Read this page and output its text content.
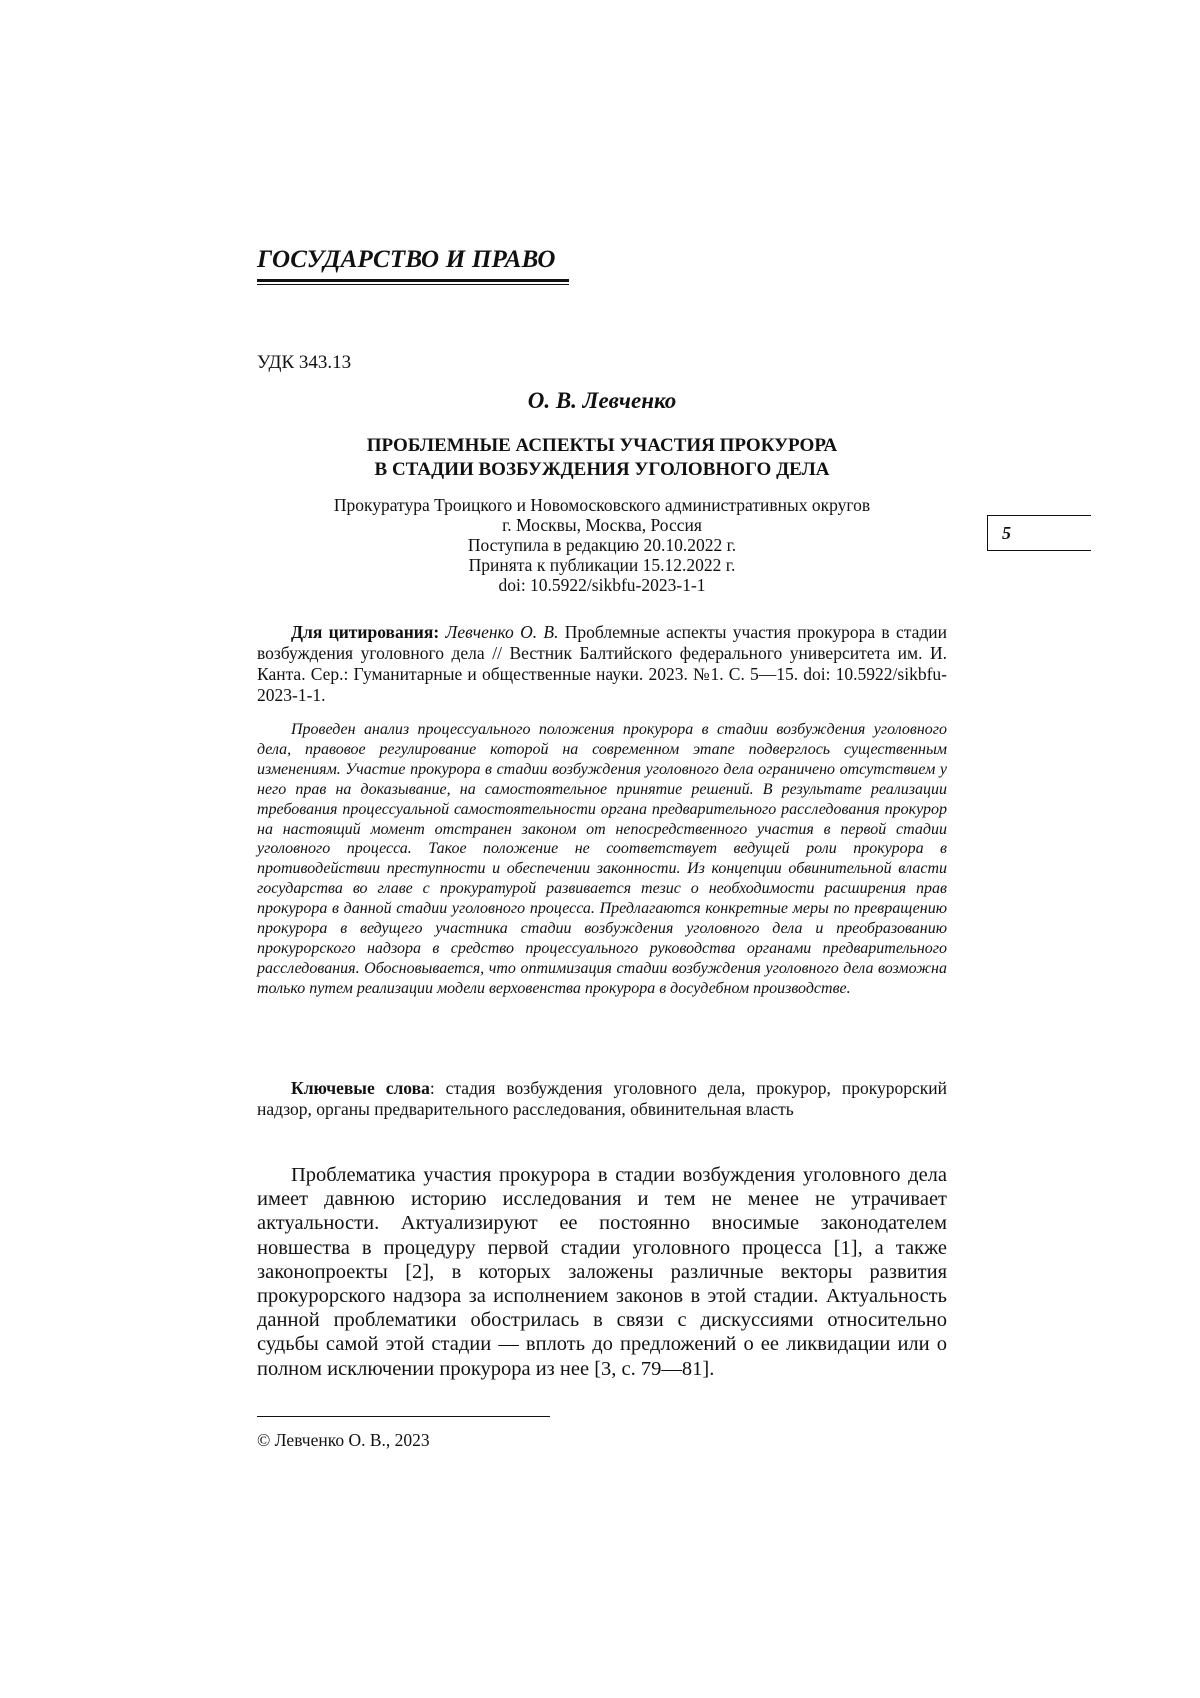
ГОСУДАРСТВО И ПРАВО
УДК 343.13
О. В. Левченко
ПРОБЛЕМНЫЕ АСПЕКТЫ УЧАСТИЯ ПРОКУРОРА
В СТАДИИ ВОЗБУЖДЕНИЯ УГОЛОВНОГО ДЕЛА
Прокуратура Троицкого и Новомосковского административных округов
г. Москвы, Москва, Россия
Поступила в редакцию 20.10.2022 г.
Принята к публикации 15.12.2022 г.
doi: 10.5922/sikbfu-2023-1-1
5
Для цитирования: Левченко О. В. Проблемные аспекты участия прокурора в стадии возбуждения уголовного дела // Вестник Балтийского федерального университета им. И. Канта. Сер.: Гуманитарные и общественные науки. 2023. №1. С. 5—15. doi: 10.5922/sikbfu-2023-1-1.
Проведен анализ процессуального положения прокурора в стадии возбуждения уголовного дела, правовое регулирование которой на современном этапе подверглось существенным изменениям. Участие прокурора в стадии возбуждения уголовного дела ограничено отсутствием у него прав на доказывание, на самостоятельное принятие решений. В результате реализации требования процессуальной самостоятельности органа предварительного расследования прокурор на настоящий момент отстранен законом от непосредственного участия в первой стадии уголовного процесса. Такое положение не соответствует ведущей роли прокурора в противодействии преступности и обеспечении законности. Из концепции обвинительной власти государства во главе с прокуратурой развивается тезис о необходимости расширения прав прокурора в данной стадии уголовного процесса. Предлагаются конкретные меры по превращению прокурора в ведущего участника стадии возбуждения уголовного дела и преобразованию прокурорского надзора в средство процессуального руководства органами предварительного расследования. Обосновывается, что оптимизация стадии возбуждения уголовного дела возможна только путем реализации модели верховенства прокурора в досудебном производстве.
Ключевые слова: стадия возбуждения уголовного дела, прокурор, прокурорский надзор, органы предварительного расследования, обвинительная власть
Проблематика участия прокурора в стадии возбуждения уголовного дела имеет давнюю историю исследования и тем не менее не утрачивает актуальности. Актуализируют ее постоянно вносимые законодателем новшества в процедуру первой стадии уголовного процесса [1], а также законопроекты [2], в которых заложены различные векторы развития прокурорского надзора за исполнением законов в этой стадии. Актуальность данной проблематики обострилась в связи с дискуссиями относительно судьбы самой этой стадии — вплоть до предложений о ее ликвидации или о полном исключении прокурора из нее [3, с. 79—81].
© Левченко О. В., 2023
